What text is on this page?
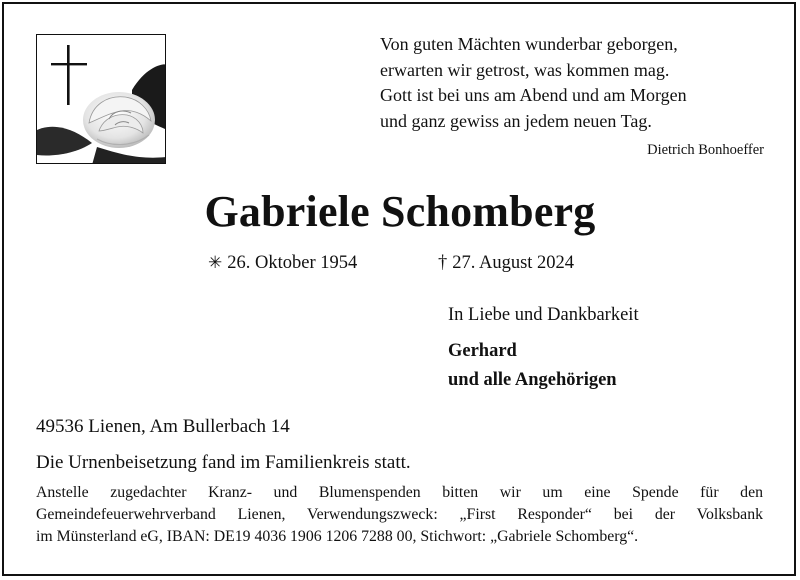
Von guten Mächten wunderbar geborgen,
erwarten wir getrost, was kommen mag.
Gott ist bei uns am Abend und am Morgen
und ganz gewiss an jedem neuen Tag.
Dietrich Bonhoeffer
Gabriele Schomberg
✳ 26. Oktober 1954	† 27. August 2024
In Liebe und Dankbarkeit
Gerhard
und alle Angehörigen
49536 Lienen, Am Bullerbach 14
Die Urnenbeisetzung fand im Familienkreis statt.
Anstelle zugedachter Kranz- und Blumenspenden bitten wir um eine Spende für den
Gemeindefeuerwehrverband Lienen, Verwendungszweck: „First Responder“ bei der Volksbank
im Münsterland eG, IBAN: DE19 4036 1906 1206 7288 00, Stichwort: „Gabriele Schomberg“.
